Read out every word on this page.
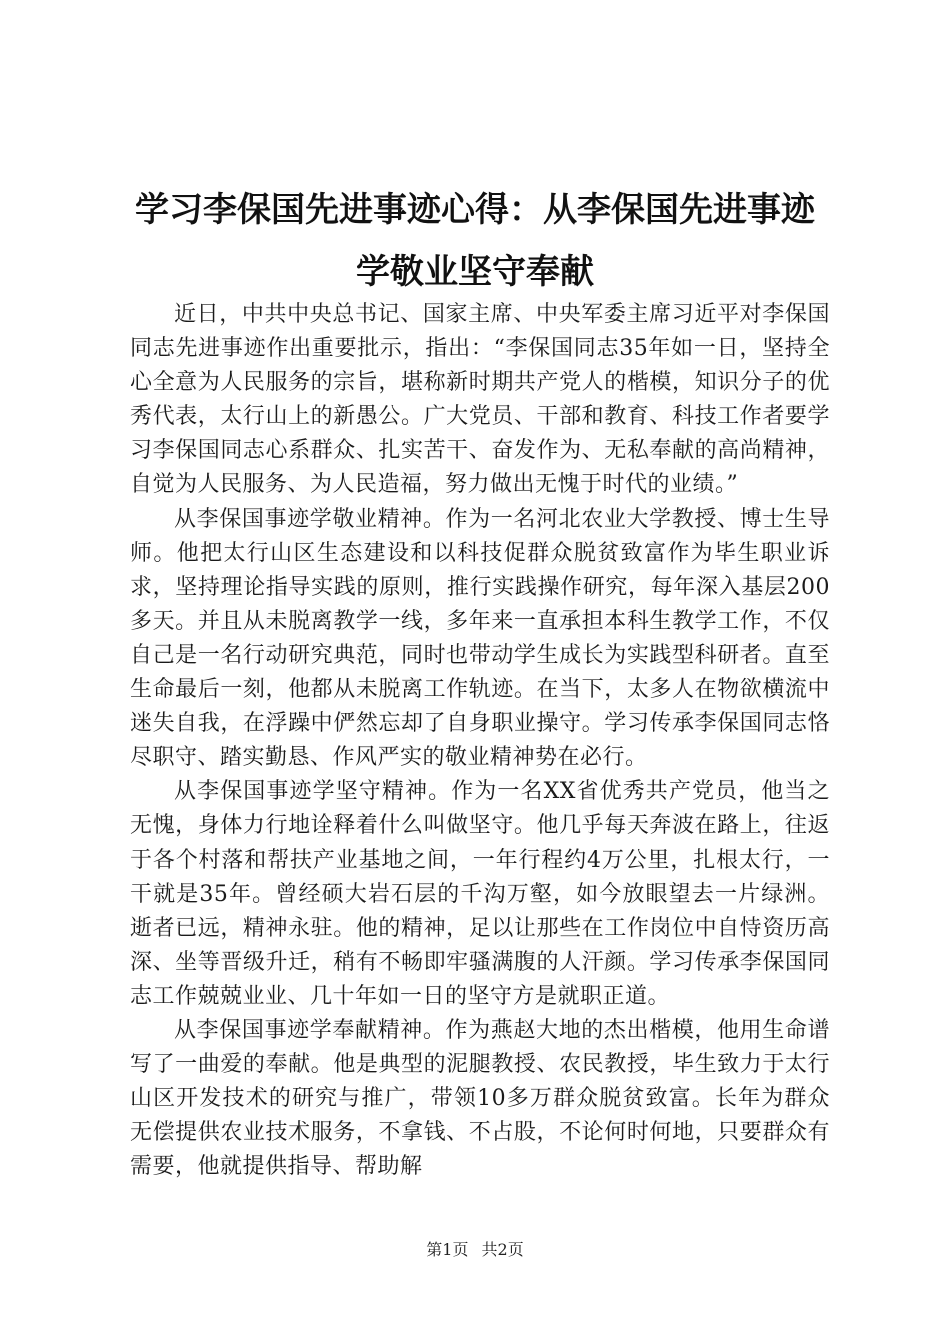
学习李保国先进事迹心得：从李保国先进事迹
学敬业坚守奉献

近日，中共中央总书记、国家主席、中央军委主席习近平对李保国同志先进事迹作出重要批示，指出：“李保国同志35年如一日，坚持全心全意为人民服务的宗旨，堪称新时期共产党人的楷模，知识分子的优秀代表，太行山上的新愚公。广大党员、干部和教育、科技工作者要学习李保国同志心系群众、扎实苦干、奋发作为、无私奉献的高尚精神，自觉为人民服务、为人民造福，努力做出无愧于时代的业绩。”

从李保国事迹学敬业精神。作为一名河北农业大学教授、博士生导师。他把太行山区生态建设和以科技促群众脱贫致富作为毕生职业诉求，坚持理论指导实践的原则，推行实践操作研究，每年深入基层200多天。并且从未脱离教学一线，多年来一直承担本科生教学工作，不仅自己是一名行动研究典范，同时也带动学生成长为实践型科研者。直至生命最后一刻，他都从未脱离工作轨迹。在当下，太多人在物欲横流中迷失自我，在浮躁中俨然忘却了自身职业操守。学习传承李保国同志恪尽职守、踏实勤恳、作风严实的敬业精神势在必行。

从李保国事迹学坚守精神。作为一名XX省优秀共产党员，他当之无愧，身体力行地诠释着什么叫做坚守。他几乎每天奔波在路上，往返于各个村落和帮扶产业基地之间，一年行程约4万公里，扎根太行，一干就是35年。曾经硕大岩石层的千沟万壑，如今放眼望去一片绿洲。逝者已远，精神永驻。他的精神，足以让那些在工作岗位中自恃资历高深、坐等晋级升迁，稍有不畅即牢骚满腹的人汗颜。学习传承李保国同志工作兢兢业业、几十年如一日的坚守方是就职正道。

从李保国事迹学奉献精神。作为燕赵大地的杰出楷模，他用生命谱写了一曲爱的奉献。他是典型的泥腿教授、农民教授，毕生致力于太行山区开发技术的研究与推广，带领10多万群众脱贫致富。长年为群众无偿提供农业技术服务，不拿钱、不占股，不论何时何地，只要群众有需要，他就提供指导、帮助解

第1页 共2页
